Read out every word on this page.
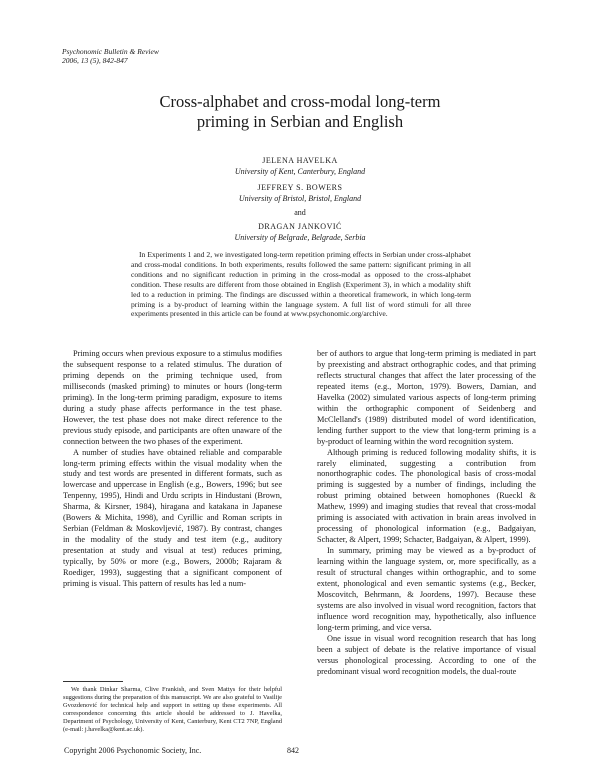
Psychonomic Bulletin & Review
2006, 13 (5), 842-847
Cross-alphabet and cross-modal long-term
priming in Serbian and English
JELENA HAVELKA
University of Kent, Canterbury, England
JEFFREY S. BOWERS
University of Bristol, Bristol, England
and
DRAGAN JANKOVIĆ
University of Belgrade, Belgrade, Serbia

In Experiments 1 and 2, we investigated long-term repetition priming effects in Serbian under cross-alphabet and cross-modal conditions. In both experiments, results followed the same pattern: significant priming in all conditions and no significant reduction in priming in the cross-modal as opposed to the cross-alphabet condition. These results are different from those obtained in English (Experiment 3), in which a modality shift led to a reduction in priming. The findings are discussed within a theoretical framework, in which long-term priming is a by-product of learning within the language system. A full list of word stimuli for all three experiments presented in this article can be found at www.psychonomic.org/archive.

Priming occurs when previous exposure to a stimulus modifies the subsequent response to a related stimulus. The duration of priming depends on the priming technique used, from milliseconds (masked priming) to minutes or hours (long-term priming). In the long-term priming paradigm, exposure to items during a study phase affects performance in the test phase. However, the test phase does not make direct reference to the previous study episode, and participants are often unaware of the connection between the two phases of the experiment.

A number of studies have obtained reliable and comparable long-term priming effects within the visual modality when the study and test words are presented in different formats, such as lowercase and uppercase in English (e.g., Bowers, 1996; but see Tenpenny, 1995), Hindi and Urdu scripts in Hindustani (Brown, Sharma, & Kirsner, 1984), hiragana and katakana in Japanese (Bowers & Michita, 1998), and Cyrillic and Roman scripts in Serbian (Feldman & Moskovljević, 1987). By contrast, changes in the modality of the study and test item (e.g., auditory presentation at study and visual at test) reduces priming, typically, by 50% or more (e.g., Bowers, 2000b; Rajaram & Roediger, 1993), suggesting that a significant component of priming is visual. This pattern of results has led a num-

ber of authors to argue that long-term priming is mediated in part by preexisting and abstract orthographic codes, and that priming reflects structural changes that affect the later processing of the repeated items (e.g., Morton, 1979). Bowers, Damian, and Havelka (2002) simulated various aspects of long-term priming within the orthographic component of Seidenberg and McClelland's (1989) distributed model of word identification, lending further support to the view that long-term priming is a by-product of learning within the word recognition system.

Although priming is reduced following modality shifts, it is rarely eliminated, suggesting a contribution from nonorthographic codes. The phonological basis of cross-modal priming is suggested by a number of findings, including the robust priming obtained between homophones (Rueckl & Mathew, 1999) and imaging studies that reveal that cross-modal priming is associated with activation in brain areas involved in processing of phonological information (e.g., Badgaiyan, Schacter, & Alpert, 1999; Schacter, Badgaiyan, & Alpert, 1999).

In summary, priming may be viewed as a by-product of learning within the language system, or, more specifically, as a result of structural changes within orthographic, and to some extent, phonological and even semantic systems (e.g., Becker, Moscovitch, Behrmann, & Joordens, 1997). Because these systems are also involved in visual word recognition, factors that influence word recognition may, hypothetically, also influence long-term priming, and vice versa.

One issue in visual word recognition research that has long been a subject of debate is the relative importance of visual versus phonological processing. According to one of the predominant visual word recognition models, the dual-route

We thank Dinkar Sharma, Clive Frankish, and Sven Mattys for their helpful suggestions during the preparation of this manuscript. We are also grateful to Vasilije Gvozdenović for technical help and support in setting up these experiments. All correspondence concerning this article should be addressed to J. Havelka, Department of Psychology, University of Kent, Canterbury, Kent CT2 7NP, England (e-mail: j.havelka@kent.ac.uk).

Copyright 2006 Psychonomic Society, Inc.	842
